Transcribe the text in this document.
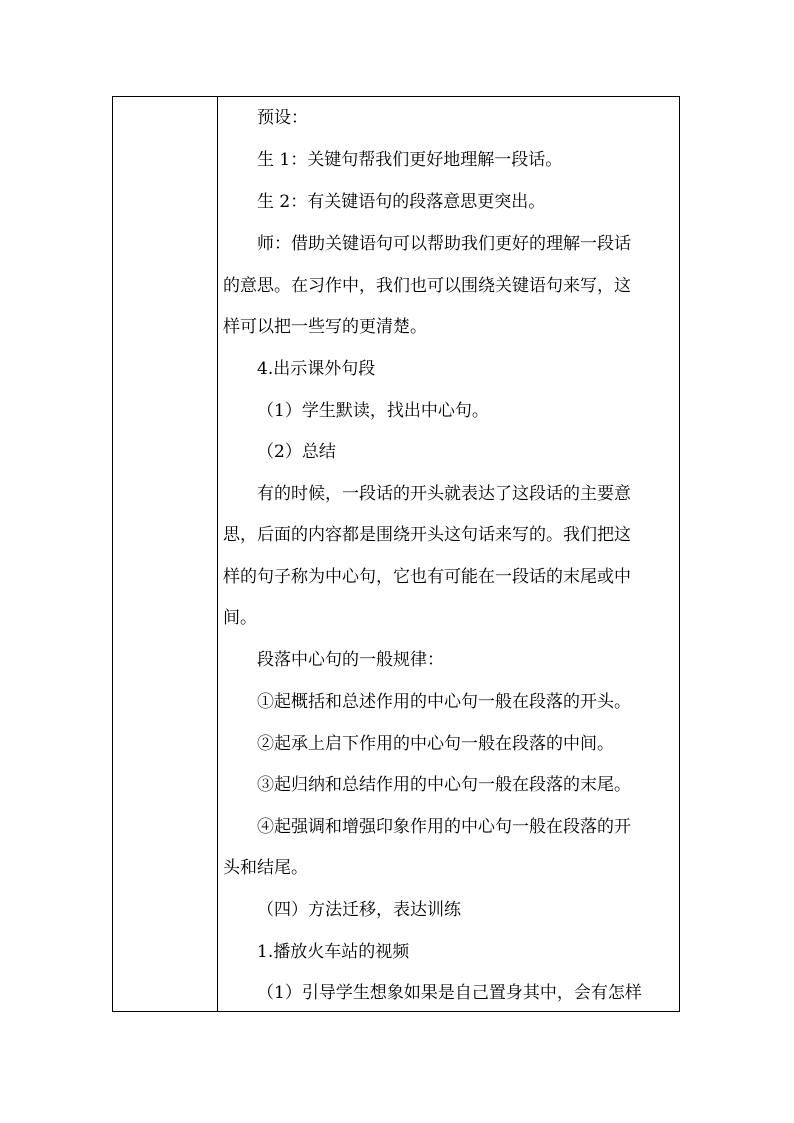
预设：
生 1：关键句帮我们更好地理解一段话。
生 2：有关键语句的段落意思更突出。
师：借助关键语句可以帮助我们更好的理解一段话
的意思。在习作中，我们也可以围绕关键语句来写，这
样可以把一些写的更清楚。
4.出示课外句段
（1）学生默读，找出中心句。
（2）总结
有的时候，一段话的开头就表达了这段话的主要意
思，后面的内容都是围绕开头这句话来写的。我们把这
样的句子称为中心句，它也有可能在一段话的末尾或中
间。
段落中心句的一般规律：
①起概括和总述作用的中心句一般在段落的开头。
②起承上启下作用的中心句一般在段落的中间。
③起归纳和总结作用的中心句一般在段落的末尾。
④起强调和增强印象作用的中心句一般在段落的开
头和结尾。
（四）方法迁移，表达训练
1.播放火车站的视频
（1）引导学生想象如果是自己置身其中，会有怎样
